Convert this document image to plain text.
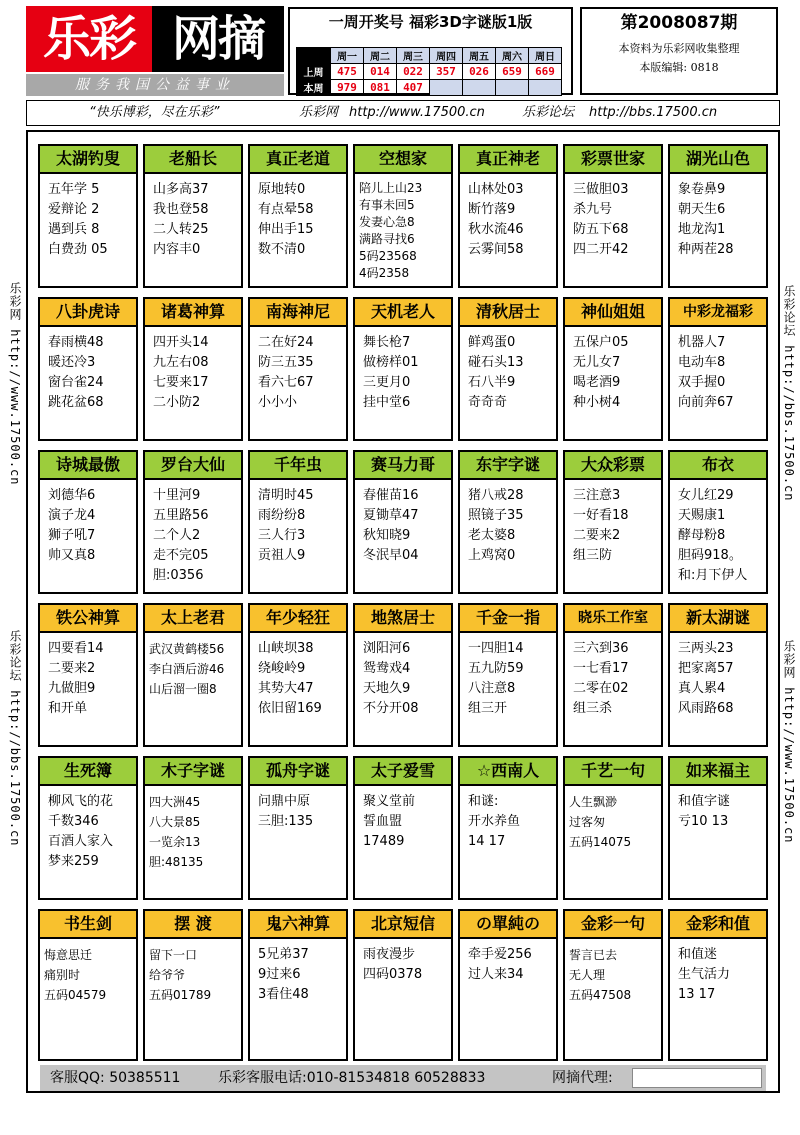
乐彩 网摘
服务我国公益事业
一周开奖号 福彩3D字谜版1版
	周一	周二	周三	周四	周五	周六	周日
上周	475	014	022	357	026	659	669
本周	979	081	407				
第2008087期
本资料为乐彩网收集整理
本版编辑: 0818
“快乐博彩，尽在乐彩”	乐彩网 http://www.17500.cn	乐彩论坛 http://bbs.17500.cn
乐彩网 http://www.17500.cn
乐彩论坛 http://bbs.17500.cn
乐彩论坛 http://bbs.17500.cn
乐彩网 http://www.17500.cn
太湖钓叟
五年学 5
爱辩论 2
遇到兵 8
白费劲 05
老船长
山多高37
我也登58
二人转25
内容丰0
真正老道
原地转0
有点晕58
伸出手15
数不清0
空想家
陪儿上山23
有事未回5
发妻心急8
满路寻找6
5码23568
4码2358
真正神老
山林处03
断竹落9
秋水流46
云雾间58
彩票世家
三做胆03
杀九号
防五下68
四二开42
湖光山色
象卷鼻9
朝天生6
地龙沟1
种两茬28
八卦虎诗
春雨横48
暖还冷3
窗台雀24
跳花盆68
诸葛神算
四开头14
九左右08
七要来17
二小防2
南海神尼
二在好24
防三五35
看六七67
小小小
天机老人
舞长枪7
做榜样01
三更月0
挂中堂6
清秋居士
鲜鸡蛋0
碰石头13
石八半9
奇奇奇
神仙姐姐
五保户05
无儿女7
喝老酒9
种小树4
中彩龙福彩
机器人7
电动车8
双手握0
向前奔67
诗城最傲
刘德华6
演子龙4
狮子吼7
帅又真8
罗台大仙
十里河9
五里路56
二个人2
走不完05
胆:0356
千年虫
清明时45
雨纷纷8
三人行3
贡祖人9
赛马力哥
春催苗16
夏锄草47
秋知晓9
冬泯早04
东宇字谜
猪八戒28
照镜子35
老太婆8
上鸡窝0
大众彩票
三注意3
一好看18
二要来2
组三防
布衣
女儿红29
天赐康1
酵母粉8
胆码918。
和:月下伊人
铁公神算
四要看14
二要来2
九做胆9
和开单
太上老君
武汉黄鹤楼56
李白酒后游46
山后溜一圈8
年少轻狂
山峡坝38
绕峻岭9
其势大47
依旧留169
地煞居士
浏阳河6
鸳鸯戏4
天地久9
不分开08
千金一指
一四胆14
五九防59
八注意8
组三开
晓乐工作室
三六到36
一七看17
二零在02
组三杀
新太湖谜
三两头23
把家离57
真人累4
风雨路68
生死簿
柳风飞的花
千数346
百酒人家入
梦来259
木子字谜
四大洲45
八大景85
一览余13
胆:48135
孤舟字谜
问鼎中原
三胆:135
太子爱雪
聚义堂前
誓血盟
17489
☆西南人
和谜:
开水养鱼
14 17
千艺一句
人生飘渺
过客匆
五码14075
如来福主
和值字谜
亏10 13
书生剑
悔意思迁
痛别时
五码04579
摆 渡
留下一口
给爷爷
五码01789
鬼六神算
5兄弟37
9过来6
3看住48
北京短信
雨夜漫步
四码0378
の單純の
牵手爱256
过人来34
金彩一句
誓言已去
无人理
五码47508
金彩和值
和值迷
生气活力
13 17
客服QQ: 50385511	乐彩客服电话:010-81534818 60528833	网摘代理:
